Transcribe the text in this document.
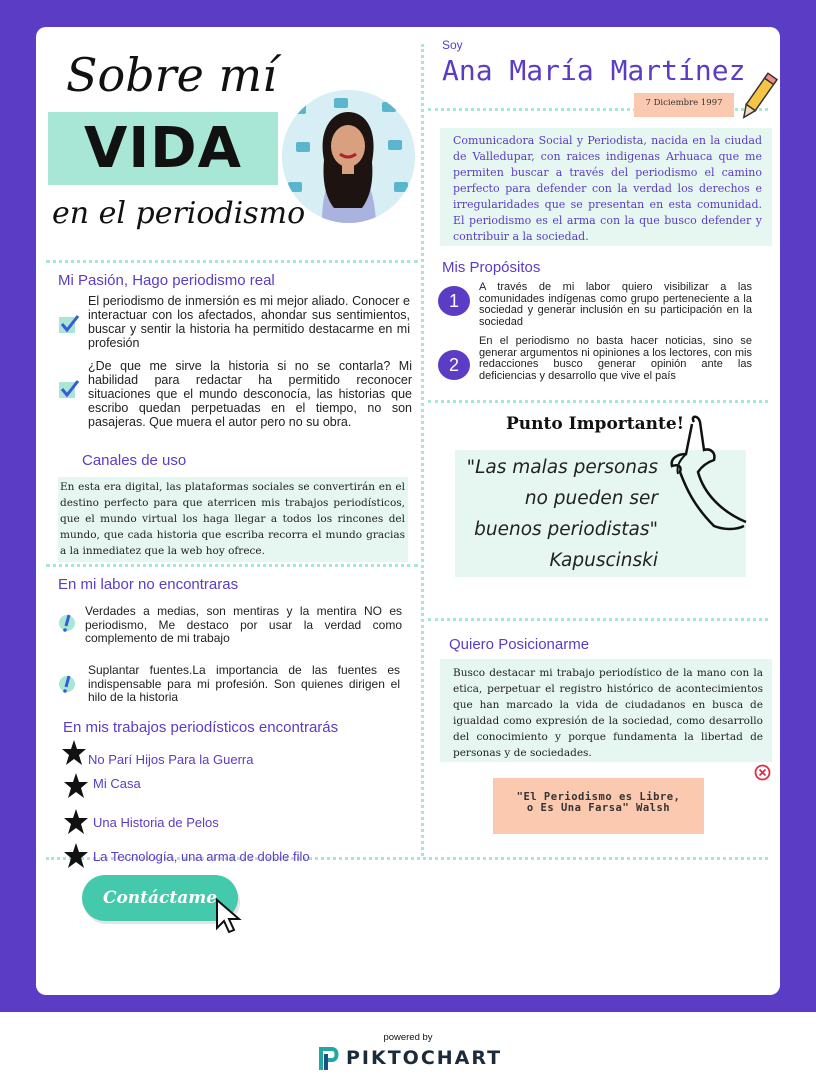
Sobre mí
VIDA
en el periodismo
Soy
Ana María Martínez
7 Diciembre 1997
Comunicadora Social y Periodista, nacida en la ciudad de Valledupar, con raices indigenas Arhuaca que me permiten buscar a través del periodismo el camino perfecto para defender con la verdad los derechos e irregularidades que se presentan en esta comunidad. El periodismo es el arma con la que busco defender y contribuir a la sociedad.
Mi Pasión, Hago periodismo real
El periodismo de inmersión es mi mejor aliado. Conocer e interactuar con los afectados, ahondar sus sentimientos, buscar y sentir la historia ha permitido destacarme en mi profesión
¿De que me sirve la historia si no se contarla? Mi habilidad para redactar ha permitido reconocer situaciones que el mundo desconocía, las historias que escribo quedan perpetuadas en el tiempo, no son pasajeras. Que muera el autor pero no su obra.
Canales de uso
En esta era digital, las plataformas sociales se convertirán en el destino perfecto para que aterricen mis trabajos periodísticos, que el mundo virtual los haga llegar a todos los rincones del mundo, que cada historia que escriba recorra el mundo gracias a la inmediatez que la web hoy ofrece.
En mi labor no encontraras
Verdades a medias, son mentiras y la mentira NO es periodismo, Me destaco por usar la verdad como complemento de mi trabajo
Suplantar fuentes.La importancia de las fuentes es indispensable para mi profesión. Son quienes dirigen el hilo de la historia
En mis trabajos periodísticos encontrarás
No Parí Hijos Para la Guerra
Mi Casa
Una Historia de Pelos
La Tecnología, una arma de doble filo
Contáctame
Mis Propósitos
1
A través de mi labor quiero visibilizar a las comunidades indígenas como grupo perteneciente a la sociedad y generar inclusión en su participación en la sociedad
2
En el periodismo no basta hacer noticias, sino se generar argumentos ni opiniones a los lectores, con mis redacciones busco generar opinión ante las deficiencias y desarrollo que vive el país
Punto Importante!
"Las malas personas
no pueden ser
buenos periodistas"
Kapuscinski
Quiero Posicionarme
Busco destacar mi trabajo periodístico de la mano con la etica, perpetuar el registro histórico de acontecimientos que han marcado la vida de ciudadanos en busca de igualdad como expresión de la sociedad, como desarrollo del conocimiento y porque fundamenta la libertad de personas y de sociedades.
"El Periodismo es Libre,
o Es Una Farsa" Walsh
powered by
PIKTOCHART
